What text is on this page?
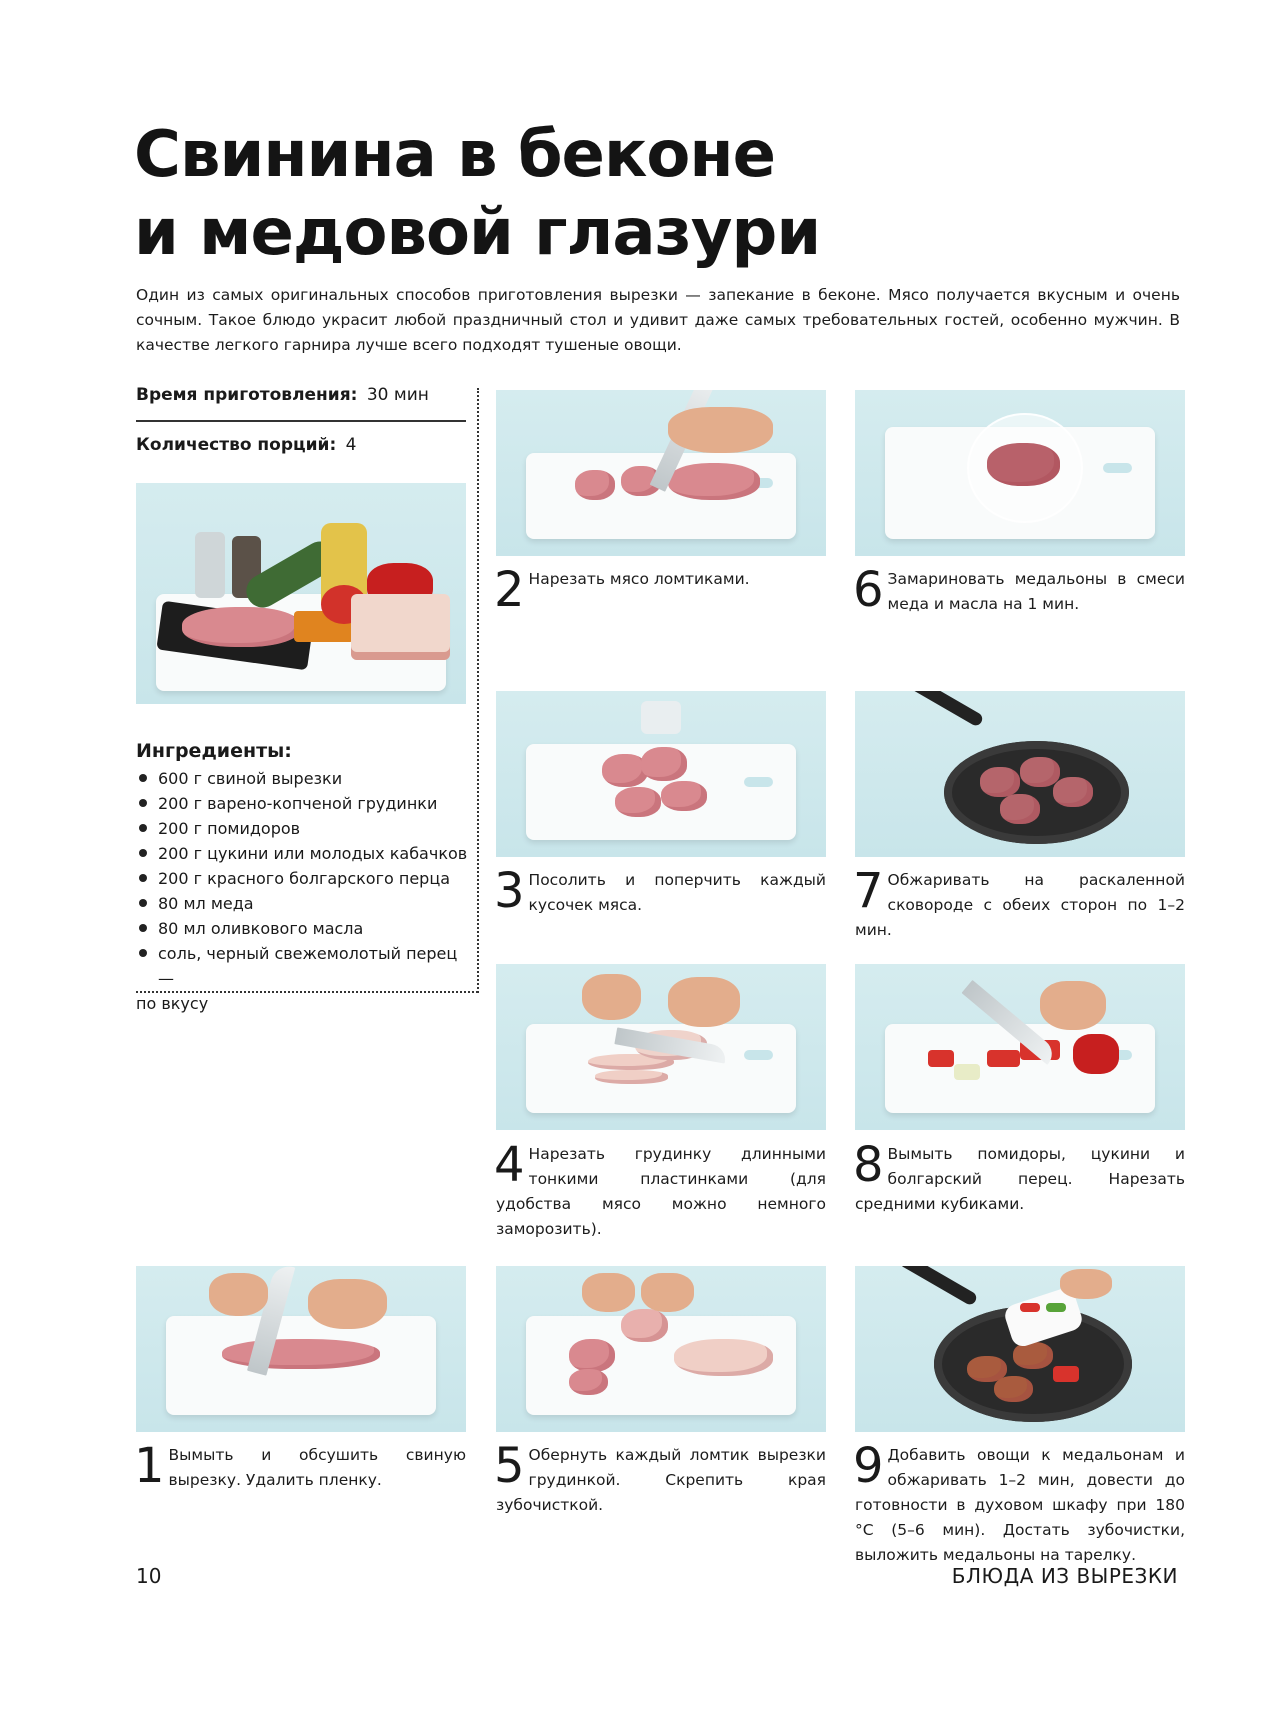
Свинина в беконе
и медовой глазури

Один из самых оригинальных способов приготовления вырезки — запекание в беконе. Мясо получается вкусным и очень сочным. Такое блюдо украсит любой праздничный стол и удивит даже самых требовательных гостей, особенно мужчин. В качестве легкого гарнира лучше всего подходят тушеные овощи.

Время приготовления: 30 мин
Количество порций: 4
Ингредиенты:
600 г свиной вырезки
200 г варено-копченой грудинки
200 г помидоров
200 г цукини или молодых кабачков
200 г красного болгарского перца
80 мл меда
80 мл оливкового масла
соль, черный свежемолотый перец —
по вкусу
2 Нарезать мясо ломтиками.	6 Замариновать медальоны в смеси меда и масла на 1 мин.

3 Посолить и поперчить каждый кусочек мяса.	7 Обжаривать на раскаленной сковороде с обеих сторон по 1–2 мин.

4 Нарезать грудинку длинными тонкими пластинками (для удобства мясо можно немного заморозить).

8 Вымыть помидоры, цукини и болгарский перец. Нарезать средними кубиками.

1 Вымыть и обсушить свиную вырезку. Удалить пленку.	5 Обернуть каждый ломтик вырезки грудинкой. Скрепить края зубочисткой.

9 Добавить овощи к медальонам и обжаривать 1–2 мин, довести до готовности в духовом шкафу при 180 °C (5–6 мин). Достать зубочистки, выложить медальоны на тарелку.

10	БЛЮДА ИЗ ВЫРЕЗКИ
